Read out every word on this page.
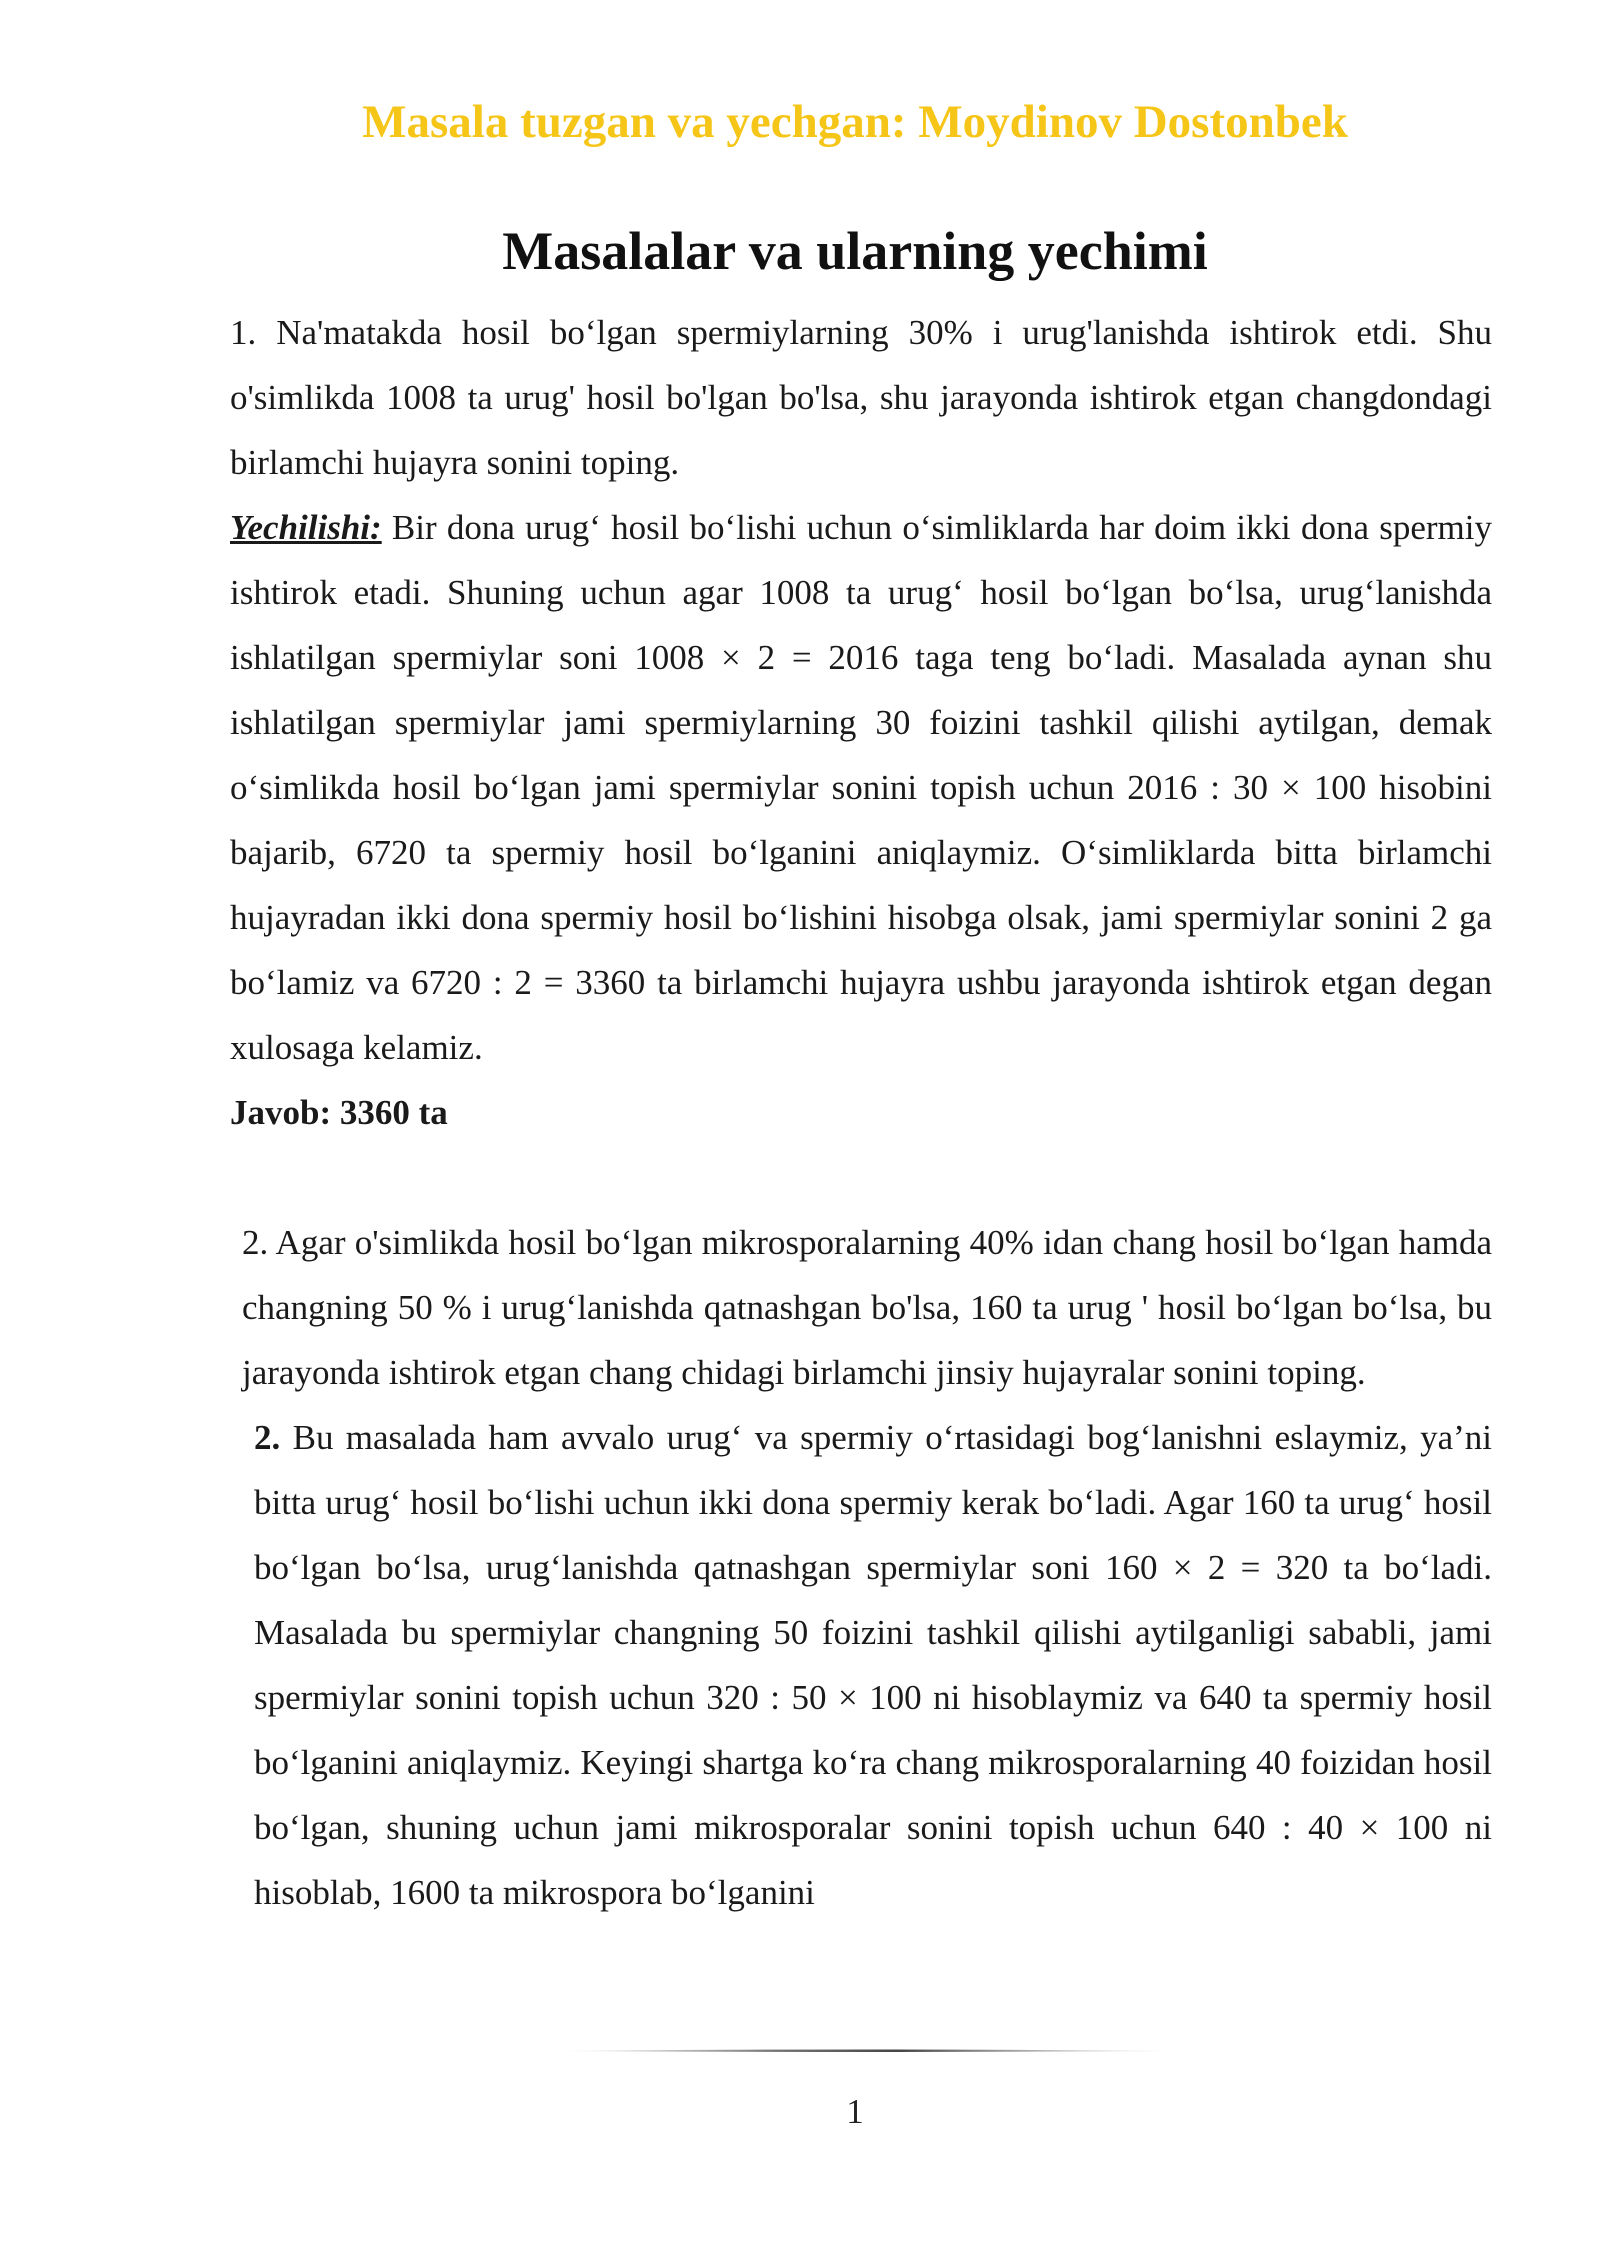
Masala tuzgan va yechgan: Moydinov Dostonbek
Masalalar va ularning yechimi

1. Na'matakda hosil bo‘lgan spermiylarning 30% i urug'lanishda ishtirok etdi. Shu o'simlikda 1008 ta urug' hosil bo'lgan bo'lsa, shu jarayonda ishtirok etgan changdondagi birlamchi hujayra sonini toping.

Yechilishi: Bir dona urug‘ hosil bo‘lishi uchun o‘simliklarda har doim ikki dona spermiy ishtirok etadi. Shuning uchun agar 1008 ta urug‘ hosil bo‘lgan bo‘lsa, urug‘lanishda ishlatilgan spermiylar soni 1008 × 2 = 2016 taga teng bo‘ladi. Masalada aynan shu ishlatilgan spermiylar jami spermiylarning 30 foizini tashkil qilishi aytilgan, demak o‘simlikda hosil bo‘lgan jami spermiylar sonini topish uchun 2016 : 30 × 100 hisobini bajarib, 6720 ta spermiy hosil bo‘lganini aniqlaymiz. O‘simliklarda bitta birlamchi hujayradan ikki dona spermiy hosil bo‘lishini hisobga olsak, jami spermiylar sonini 2 ga bo‘lamiz va 6720 : 2 = 3360 ta birlamchi hujayra ushbu jarayonda ishtirok etgan degan xulosaga kelamiz.

Javob: 3360 ta

2. Agar o'simlikda hosil bo‘lgan mikrosporalarning 40% idan chang hosil bo‘lgan hamda changning 50 % i urug‘lanishda qatnashgan bo'lsa, 160 ta urug ' hosil bo‘lgan bo‘lsa, bu jarayonda ishtirok etgan chang chidagi birlamchi jinsiy hujayralar sonini toping.

2. Bu masalada ham avvalo urug‘ va spermiy o‘rtasidagi bog‘lanishni eslaymiz, ya’ni bitta urug‘ hosil bo‘lishi uchun ikki dona spermiy kerak bo‘ladi. Agar 160 ta urug‘ hosil bo‘lgan bo‘lsa, urug‘lanishda qatnashgan spermiylar soni 160 × 2 = 320 ta bo‘ladi. Masalada bu spermiylar changning 50 foizini tashkil qilishi aytilganligi sababli, jami spermiylar sonini topish uchun 320 : 50 × 100 ni hisoblaymiz va 640 ta spermiy hosil bo‘lganini aniqlaymiz. Keyingi shartga ko‘ra chang mikrosporalarning 40 foizidan hosil bo‘lgan, shuning uchun jami mikrosporalar sonini topish uchun 640 : 40 × 100 ni hisoblab, 1600 ta mikrospora bo‘lganini

1
